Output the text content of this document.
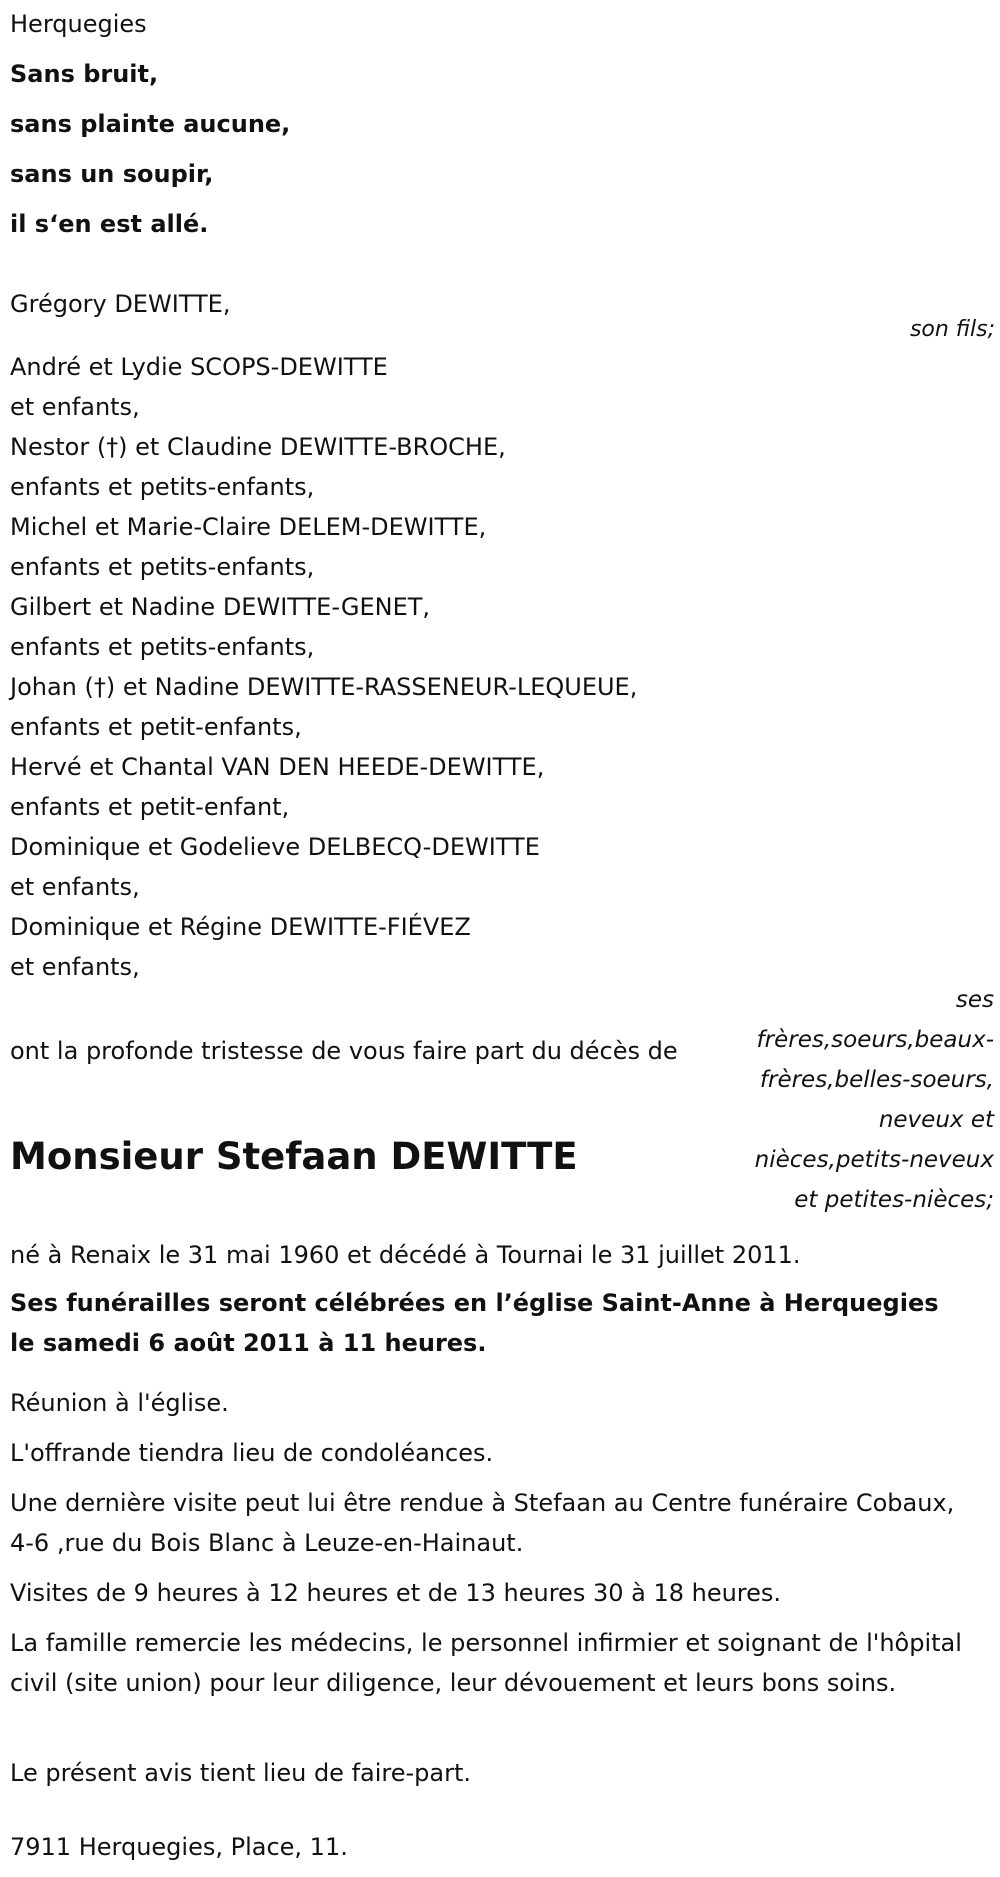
Herquegies
Sans bruit,
sans plainte aucune,
sans un soupir,
il s‘en est allé.
Grégory DEWITTE,
son fils;
André et Lydie SCOPS-DEWITTE
et enfants,
Nestor (†) et Claudine DEWITTE-BROCHE,
enfants et petits-enfants,
Michel et Marie-Claire DELEM-DEWITTE,
enfants et petits-enfants,
Gilbert et Nadine DEWITTE-GENET,
enfants et petits-enfants,
Johan (†) et Nadine DEWITTE-RASSENEUR-LEQUEUE,
enfants et petit-enfants,
Hervé et Chantal VAN DEN HEEDE-DEWITTE,
enfants et petit-enfant,
Dominique et Godelieve DELBECQ-DEWITTE
et enfants,
Dominique et Régine DEWITTE-FIÉVEZ
et enfants,
ses frères,soeurs,beaux-frères,belles-soeurs, neveux et nièces,petits-neveux et petites-nièces;
ont la profonde tristesse de vous faire part du décès de
Monsieur Stefaan DEWITTE
né à Renaix le 31 mai 1960 et décédé à Tournai le 31 juillet 2011.
Ses funérailles seront célébrées en l’église Saint-Anne à Herquegies le samedi 6 août 2011 à 11 heures.
Réunion à l'église.
L'offrande tiendra lieu de condoléances.
Une dernière visite peut lui être rendue à Stefaan au Centre funéraire Cobaux, 4-6 ,rue du Bois Blanc à Leuze-en-Hainaut.
Visites de 9 heures à 12 heures et de 13 heures 30 à 18 heures.
La famille remercie les médecins, le personnel infirmier et soignant de l'hôpital civil (site union) pour leur diligence, leur dévouement et leurs bons soins.
Le présent avis tient lieu de faire-part.
7911 Herquegies, Place, 11.
